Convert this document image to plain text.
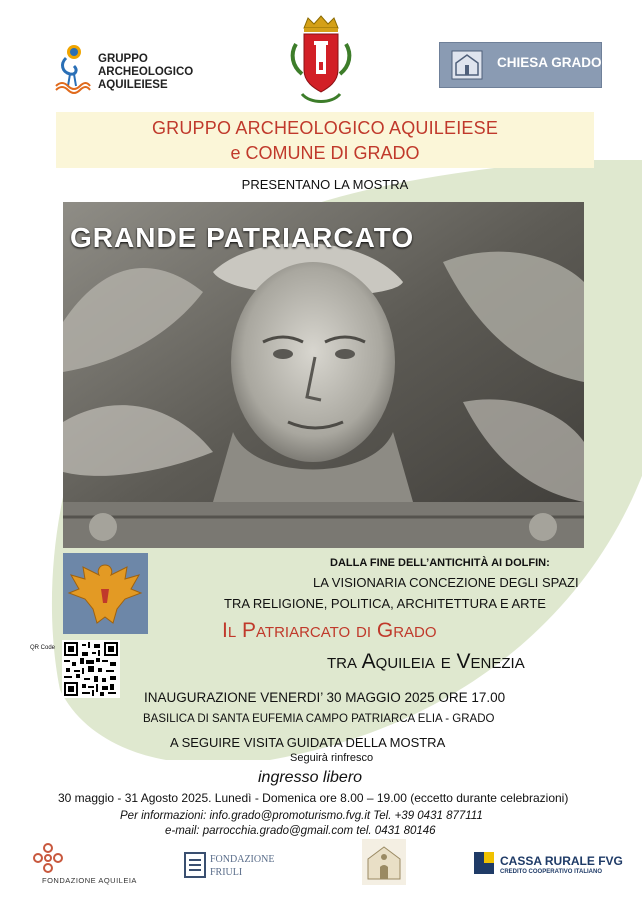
GRUPPO
ARCHEOLOGICO
AQUILEIESE
CHIESA GRADO
GRUPPO ARCHEOLOGICO AQUILEIESE
e COMUNE DI GRADO
PRESENTANO LA MOSTRA
GRANDE PATRIARCATO
DALLA FINE DELL’ANTICHITÀ AI DOLFIN:
LA VISIONARIA CONCEZIONE DEGLI SPAZI
TRA RELIGIONE, POLITICA, ARCHITETTURA E ARTE
Il Patriarcato di Grado
tra Aquileia e Venezia
QR Code
INAUGURAZIONE VENERDI’ 30 MAGGIO 2025 ORE 17.00
BASILICA DI SANTA EUFEMIA CAMPO PATRIARCA ELIA - GRADO
A SEGUIRE VISITA GUIDATA DELLA MOSTRA
Seguirà rinfresco
ingresso libero
30 maggio - 31 Agosto 2025. Lunedì - Domenica ore 8.00 – 19.00 (eccetto durante celebrazioni)
Per informazioni: info.grado@promoturismo.fvg.it Tel. +39 0431 877111
e-mail: parrocchia.grado@gmail.com tel. 0431 80146
FONDAZIONE AQUILEIA
FONDAZIONE
FRIULI
CASSA RURALE FVG
CREDITO COOPERATIVO ITALIANO
